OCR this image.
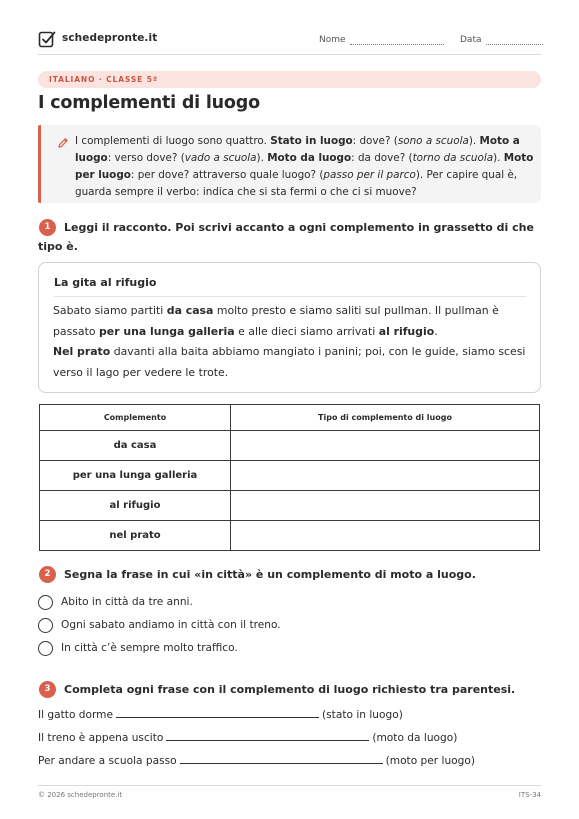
schedepronte.it	Nome	Data
ITALIANO · CLASSE 5ª
I complementi di luogo

I complementi di luogo sono quattro. Stato in luogo: dove? (sono a scuola). Moto a luogo: verso dove? (vado a scuola). Moto da luogo: da dove? (torno da scuola). Moto per luogo: per dove? attraverso quale luogo? (passo per il parco). Per capire qual è, guarda sempre il verbo: indica che si sta fermi o che ci si muove?

1	Leggi il racconto. Poi scrivi accanto a ogni complemento in grassetto di che tipo è.
La gita al rifugio

Sabato siamo partiti da casa molto presto e siamo saliti sul pullman. Il pullman è passato per una lunga galleria e alle dieci siamo arrivati al rifugio.
Nel prato davanti alla baita abbiamo mangiato i panini; poi, con le guide, siamo scesi verso il lago per vedere le trote.

Complemento	Tipo di complemento di luogo
da casa	
per una lunga galleria	
al rifugio	
nel prato	
2	Segna la frase in cui «in città» è un complemento di moto a luogo.
Abito in città da tre anni.
Ogni sabato andiamo in città con il treno.
In città c’è sempre molto traffico.
3	Completa ogni frase con il complemento di luogo richiesto tra parentesi.
Il gatto dorme	(stato in luogo)
Il treno è appena uscito	(moto da luogo)
Per andare a scuola passo	(moto per luogo)
© 2026 schedepronte.it	ITS-34
